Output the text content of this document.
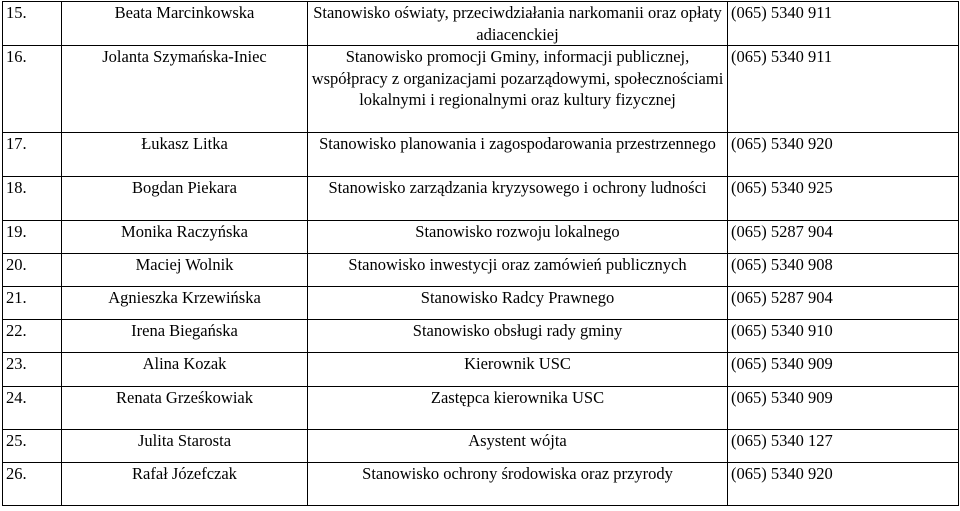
15.	Beata Marcinkowska	Stanowisko oświaty, przeciwdziałania narkomanii oraz opłaty adiacenckiej	(065) 5340 911
16.	Jolanta Szymańska-Iniec	Stanowisko promocji Gminy, informacji publicznej, współpracy z organizacjami pozarządowymi, społecznościami lokalnymi i regionalnymi oraz kultury fizycznej	(065) 5340 911
17.	Łukasz Litka	Stanowisko planowania i zagospodarowania przestrzennego	(065) 5340 920
18.	Bogdan Piekara	Stanowisko zarządzania kryzysowego i ochrony ludności	(065) 5340 925
19.	Monika Raczyńska	Stanowisko rozwoju lokalnego	(065) 5287 904
20.	Maciej Wolnik	Stanowisko inwestycji oraz zamówień publicznych	(065) 5340 908
21.	Agnieszka Krzewińska	Stanowisko Radcy Prawnego	(065) 5287 904
22.	Irena Biegańska	Stanowisko obsługi rady gminy	(065) 5340 910
23.	Alina Kozak	Kierownik USC	(065) 5340 909
24.	Renata Grześkowiak	Zastępca kierownika USC	(065) 5340 909
25.	Julita Starosta	Asystent wójta	(065) 5340 127
26.	Rafał Józefczak	Stanowisko ochrony środowiska oraz przyrody	(065) 5340 920
